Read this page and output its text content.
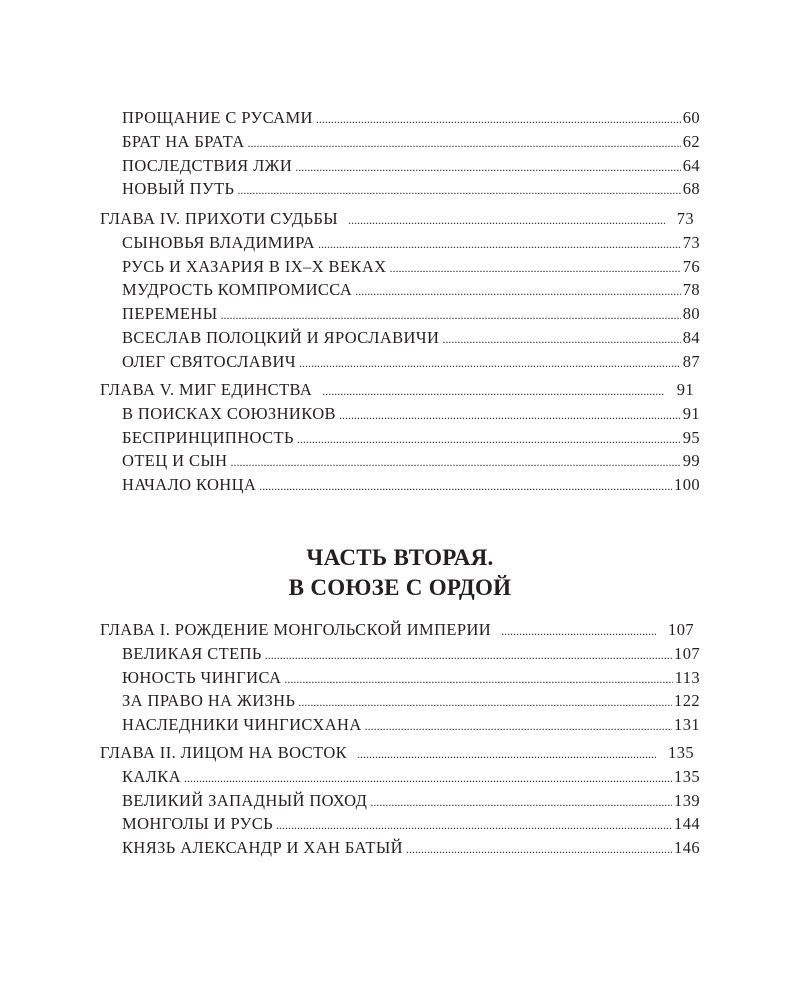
ПРОЩАНИЕ С РУСАМИ .....	60
БРАТ НА БРАТА .....	62
ПОСЛЕДСТВИЯ ЛЖИ .....	64
НОВЫЙ ПУТЬ .....	68
ГЛАВА IV. ПРИХОТИ СУДЬБЫ .....	73
СЫНОВЬЯ ВЛАДИМИРА .....	73
РУСЬ И ХАЗАРИЯ В IX–X ВЕКАХ .....	76
МУДРОСТЬ КОМПРОМИССА .....	78
ПЕРЕМЕНЫ .....	80
ВСЕСЛАВ ПОЛОЦКИЙ И ЯРОСЛАВИЧИ .....	84
ОЛЕГ СВЯТОСЛАВИЧ .....	87
ГЛАВА V. МИГ ЕДИНСТВА .....	91
В ПОИСКАХ СОЮЗНИКОВ .....	91
БЕСПРИНЦИПНОСТЬ .....	95
ОТЕЦ И СЫН .....	99
НАЧАЛО КОНЦА .....	100
ЧАСТЬ ВТОРАЯ.
В СОЮЗЕ С ОРДОЙ
ГЛАВА I. РОЖДЕНИЕ МОНГОЛЬСКОЙ ИМПЕРИИ .....	107
ВЕЛИКАЯ СТЕПЬ .....	107
ЮНОСТЬ ЧИНГИСА .....	113
ЗА ПРАВО НА ЖИЗНЬ .....	122
НАСЛЕДНИКИ ЧИНГИСХАНА .....	131
ГЛАВА II. ЛИЦОМ НА ВОСТОК .....	135
КАЛКА .....	135
ВЕЛИКИЙ ЗАПАДНЫЙ ПОХОД .....	139
МОНГОЛЫ И РУСЬ .....	144
КНЯЗЬ АЛЕКСАНДР И ХАН БАТЫЙ .....	146
